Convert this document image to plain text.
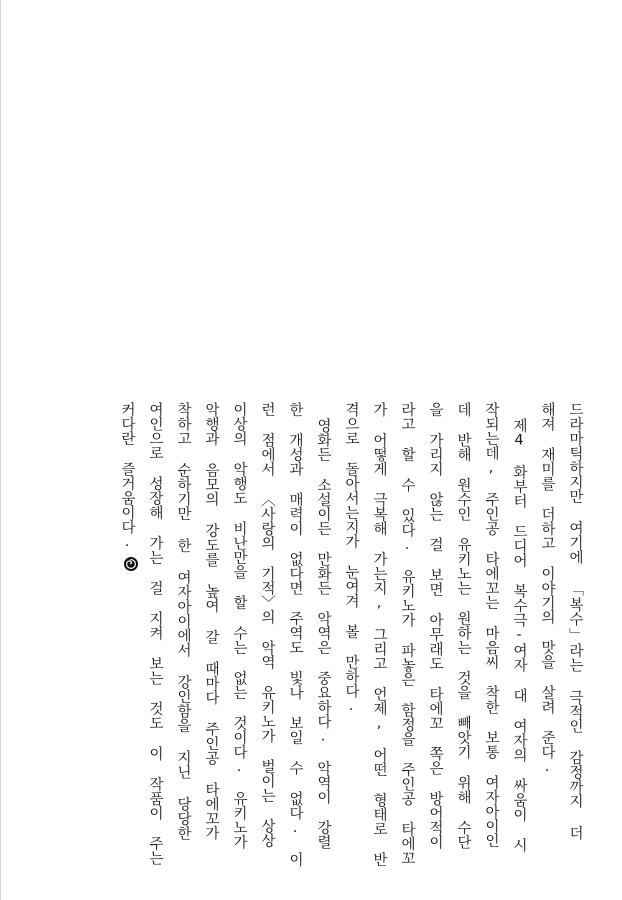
드라마틱하지만 여기에 「복수」라는 극적인 감정까지 더
해져 재미를 더하고 이야기의 맛을 살려 준다.
제4 화부터 드디어 복수극-여자 대 여자의 싸움이 시
작되는데, 주인공 타에꼬는 마음씨 착한 보통 여자아이인
데 반해 원수인 유키노는 원하는 것을 빼앗기 위해 수단
을 가리지 않는 걸 보면 아무래도 타에꼬 쪽은 방어적이
라고 할 수 있다. 유키노가 파놓은 함정을 주인공 타에꼬
가 어떻게 극복해 가는지, 그리고 언제, 어떤 형태로 반
격으로 돌아서는지가 눈여겨 볼 만하다.
영화든 소설이든 만화든 악역은 중요하다. 악역이 강렬
한 개성과 매력이 없다면 주역도 빛나 보일 수 없다. 이
런 점에서 〈사랑의 기적〉의 악역 유키노가 벌이는 상상
이상의 악행도 비난만을 할 수는 없는 것이다. 유키노가
악행과 음모의 강도를 높여 갈 때마다 주인공 타에꼬가
착하고 순하기만 한 여자아이에서 강인함을 지닌 당당한
여인으로 성장해 가는 걸 지켜 보는 것도 이 작품이 주는
커다란 즐거움이다.
